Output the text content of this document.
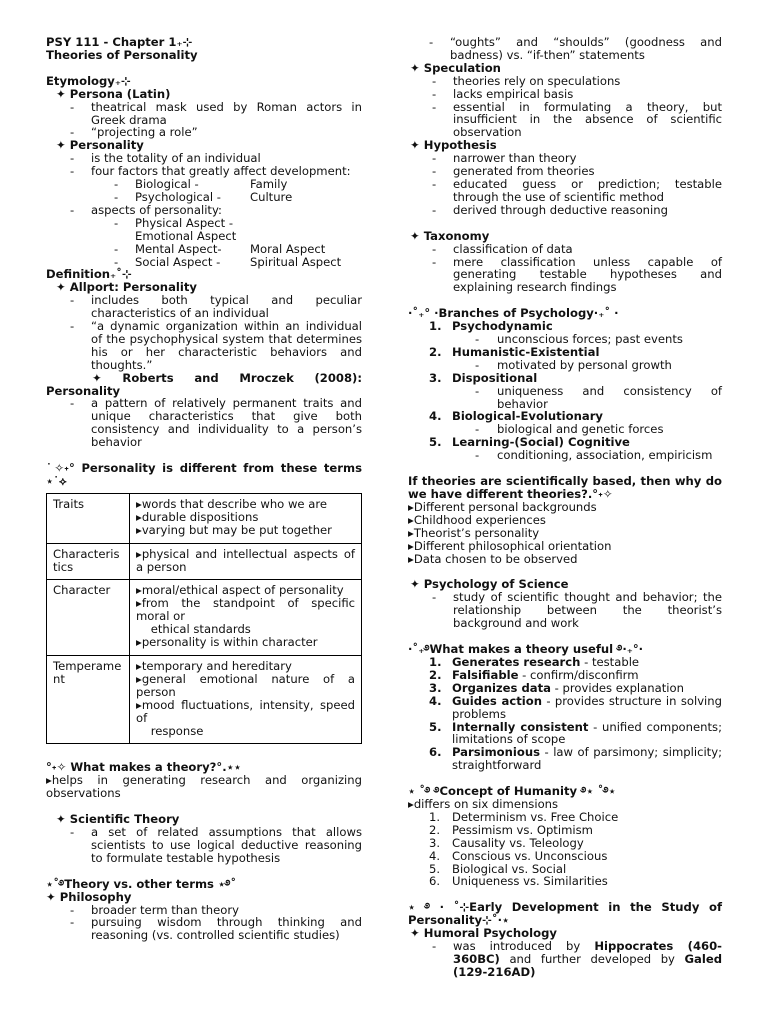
PSY 111 - Chapter 1₊⊹

Theories of Personality

Etymology₊⊹

✦ Persona (Latin)

- theatrical mask used by Roman actors in Greek drama
- “projecting a role”

✦ Personality

- is the totality of an individual
- four factors that greatly affect development:
- Biological -	Family
- Psychological -	Culture
- aspects of personality:
- Physical Aspect -
Emotional Aspect
- Mental Aspect-	Moral Aspect
- Social Aspect -	Spiritual Aspect

Definition₊˚⊹

✦ Allport: Personality

- includes both typical and peculiar characteristics of an individual
- “a dynamic organization within an individual of the psychophysical system that determines his or her characteristic behaviors and thoughts.”

✦ Roberts and Mroczek (2008): Personality

- a pattern of relatively permanent traits and unique characteristics that give both consistency and individuality to a person’s behavior

˙✧˖° Personality is different from these terms ⋆˙⟡

Traits	▸words that describe who we are

▸durable dispositions

▸varying but may be put together

Characteristics	▸physical and intellectual aspects of a person

Character	▸moral/ethical aspect of personality

▸from the standpoint of specific moral or

ethical standards

▸personality is within character

Temperament	▸temporary and hereditary

▸general emotional nature of a person

▸mood fluctuations, intensity, speed of

response

°˖✧ What makes a theory?°.⋆⋆

▸helps in generating research and organizing observations

✦ Scientific Theory

- a set of related assumptions that allows scientists to use logical deductive reasoning to formulate testable hypothesis

⋆˚࿔Theory vs. other terms ⋆࿔˚

✦ Philosophy

- broader term than theory
- pursuing wisdom through thinking and reasoning (vs. controlled scientific studies)
- “oughts” and “shoulds” (goodness and badness) vs. “if-then” statements

✦ Speculation

- theories rely on speculations
- lacks empirical basis
- essential in formulating a theory, but insufficient in the absence of scientific observation

✦ Hypothesis

- narrower than theory
- generated from theories
- educated guess or prediction; testable through the use of scientific method
- derived through deductive reasoning

✦ Taxonomy

- classification of data
- mere classification unless capable of generating testable hypotheses and explaining research findings

·˚₊° ·Branches of Psychology·₊˚ ·

1. Psychodynamic
- unconscious forces; past events
2. Humanistic-Existential
- motivated by personal growth
3. Dispositional
- uniqueness and consistency of behavior
4. Biological-Evolutionary
- biological and genetic forces
5. Learning-(Social) Cognitive
- conditioning, association, empiricism

If theories are scientifically based, then why do we have different theories?.°˖✧

▸Different personal backgrounds

▸Childhood experiences

▸Theorist’s personality

▸Different philosophical orientation

▸Data chosen to be observed

✦ Psychology of Science

- study of scientific thought and behavior; the relationship between the theorist’s background and work

·˚₊࿔What makes a theory useful ࿔·₊°·

1. Generates research - testable
2. Falsifiable - confirm/disconfirm
3. Organizes data - provides explanation
4. Guides action - provides structure in solving problems
5. Internally consistent - unified components; limitations of scope
6. Parsimonious - law of parsimony; simplicity; straightforward

⋆ ˚࿔ ࿔Concept of Humanity ࿔⋆ ˚࿔⋆

▸differs on six dimensions

1. Determinism vs. Free Choice
2. Pessimism vs. Optimism
3. Causality vs. Teleology
4. Conscious vs. Unconscious
5. Biological vs. Social
6. Uniqueness vs. Similarities

⋆ ࿔ · ˚⊹Early Development in the Study of Personality⊹˚·⋆

✦ Humoral Psychology

- was introduced by Hippocrates (460-360BC) and further developed by Galed (129-216AD)
